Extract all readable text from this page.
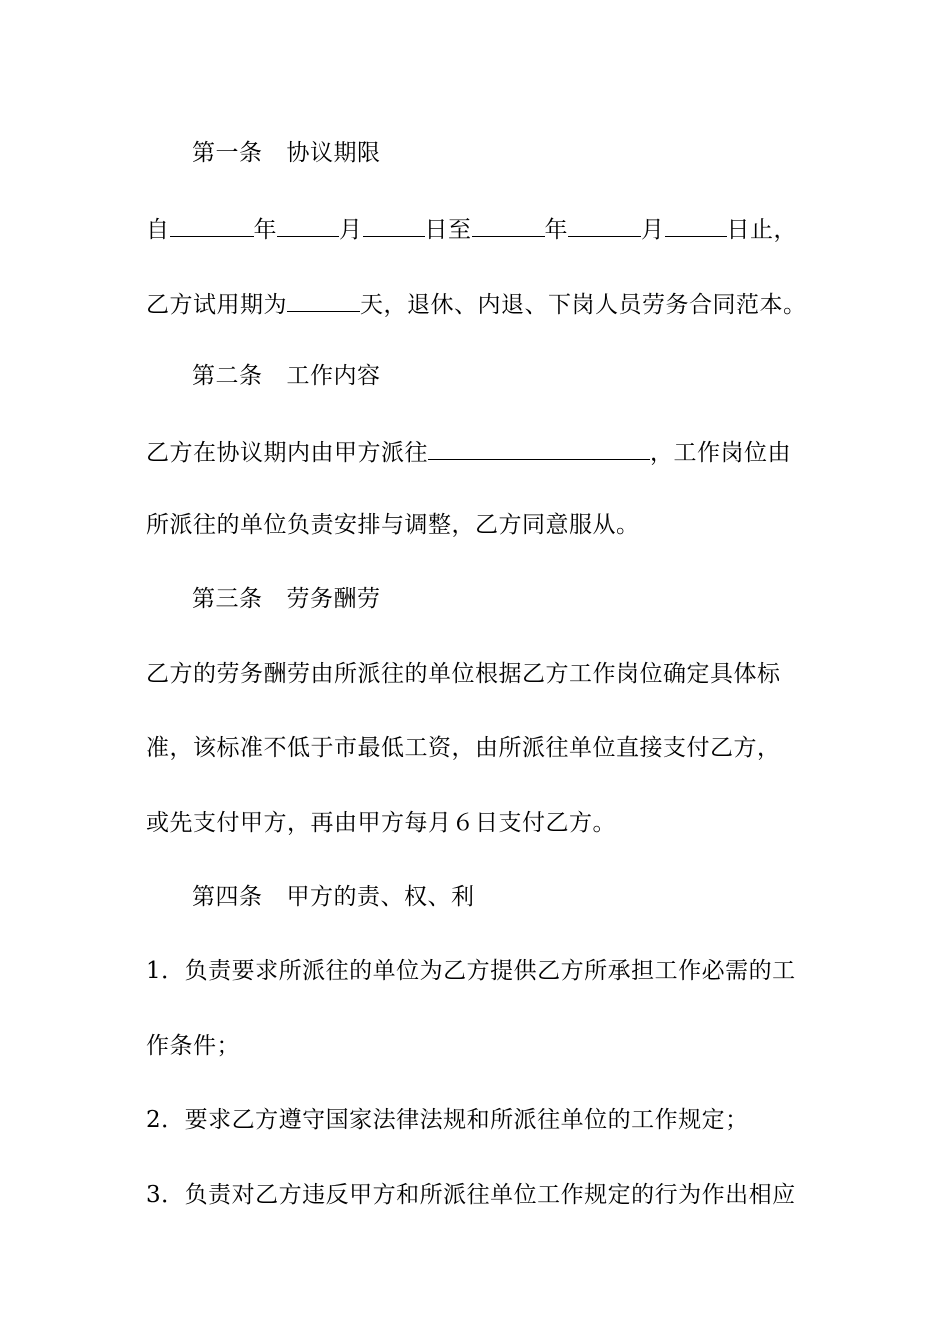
第一条 协议期限
自	年	月	日至	年	月	日止，
乙方试用期为	天，退休、内退、下岗人员劳务合同范本。
第二条 工作内容
乙方在协议期内由甲方派往	，工作岗位由
所派往的单位负责安排与调整，乙方同意服从。
第三条 劳务酬劳
乙方的劳务酬劳由所派往的单位根据乙方工作岗位确定具体标
准，该标准不低于市最低工资，由所派往单位直接支付乙方，
或先支付甲方，再由甲方每月６日支付乙方。
第四条 甲方的责、权、利
1．负责要求所派往的单位为乙方提供乙方所承担工作必需的工
作条件；
2．要求乙方遵守国家法律法规和所派往单位的工作规定；
3．负责对乙方违反甲方和所派往单位工作规定的行为作出相应
